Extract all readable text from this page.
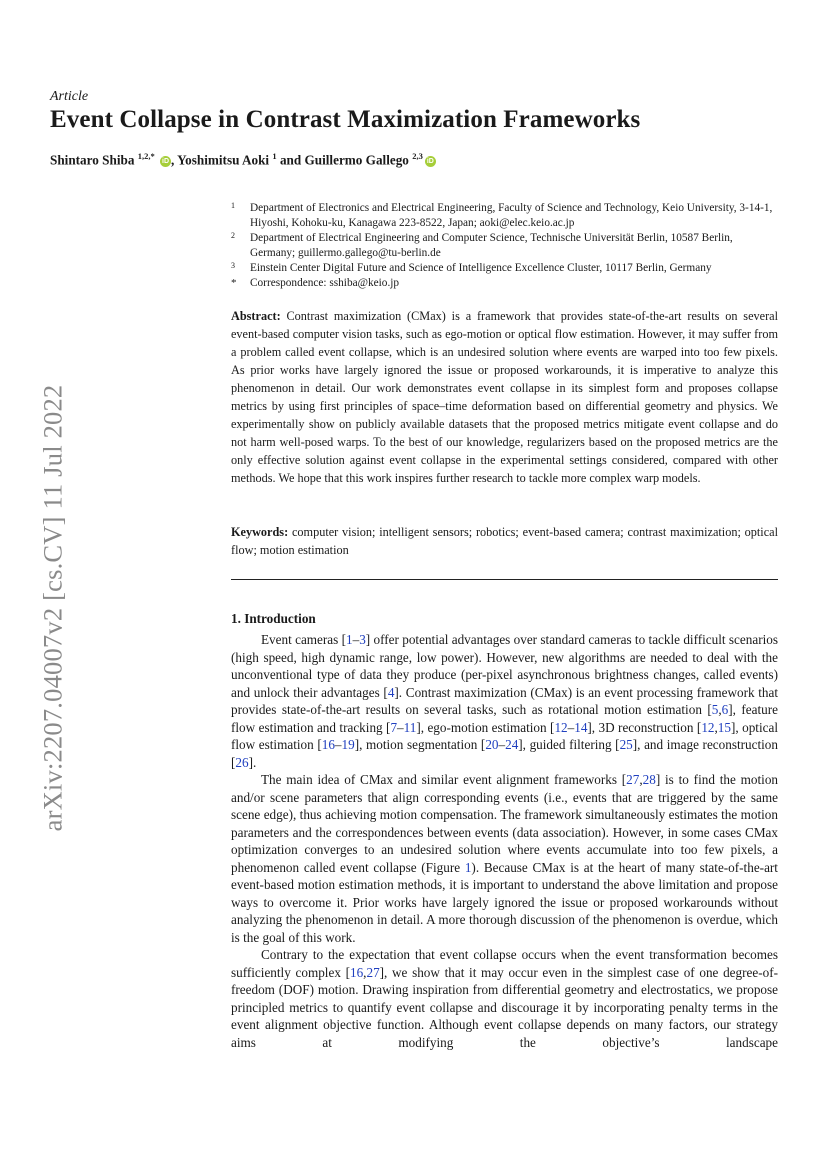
arXiv:2207.04007v2 [cs.CV] 11 Jul 2022
Article
Event Collapse in Contrast Maximization Frameworks
Shintaro Shiba $^{1,2,*}$ iD , Yoshimitsu Aoki $^1$ and Guillermo Gallego $^{2,3}$iD
1 Department of Electronics and Electrical Engineering, Faculty of Science and Technology, Keio University, 3-14-1, Hiyoshi, Kohoku-ku, Kanagawa 223-8522, Japan; aoki@elec.keio.ac.jp
2 Department of Electrical Engineering and Computer Science, Technische Universität Berlin, 10587 Berlin, Germany; guillermo.gallego@tu-berlin.de
3 Einstein Center Digital Future and Science of Intelligence Excellence Cluster, 10117 Berlin, Germany
* Correspondence: sshiba@keio.jp
Abstract: Contrast maximization (CMax) is a framework that provides state-of-the-art results on several event-based computer vision tasks, such as ego-motion or optical flow estimation. However, it may suffer from a problem called event collapse, which is an undesired solution where events are warped into too few pixels. As prior works have largely ignored the issue or proposed workarounds, it is imperative to analyze this phenomenon in detail. Our work demonstrates event collapse in its simplest form and proposes collapse metrics by using first principles of space–time deformation based on differential geometry and physics. We experimentally show on publicly available datasets that the proposed metrics mitigate event collapse and do not harm well-posed warps. To the best of our knowledge, regularizers based on the proposed metrics are the only effective solution against event collapse in the experimental settings considered, compared with other methods. We hope that this work inspires further research to tackle more complex warp models.
Keywords: computer vision; intelligent sensors; robotics; event-based camera; contrast maximization; optical flow; motion estimation
1. Introduction

Event cameras [1–3] offer potential advantages over standard cameras to tackle difficult scenarios (high speed, high dynamic range, low power). However, new algorithms are needed to deal with the unconventional type of data they produce (per-pixel asynchronous brightness changes, called events) and unlock their advantages [4]. Contrast maximization (CMax) is an event processing framework that provides state-of-the-art results on several tasks, such as rotational motion estimation [5,6], feature flow estimation and tracking [7–11], ego-motion estimation [12–14], 3D reconstruction [12,15], optical flow estimation [16–19], motion segmentation [20–24], guided filtering [25], and image reconstruction [26].

The main idea of CMax and similar event alignment frameworks [27,28] is to find the motion and/or scene parameters that align corresponding events (i.e., events that are triggered by the same scene edge), thus achieving motion compensation. The framework simultaneously estimates the motion parameters and the correspondences between events (data association). However, in some cases CMax optimization converges to an undesired solution where events accumulate into too few pixels, a phenomenon called event collapse (Figure 1). Because CMax is at the heart of many state-of-the-art event-based motion estimation methods, it is important to understand the above limitation and propose ways to overcome it. Prior works have largely ignored the issue or proposed workarounds without analyzing the phenomenon in detail. A more thorough discussion of the phenomenon is overdue, which is the goal of this work.

Contrary to the expectation that event collapse occurs when the event transformation becomes sufficiently complex [16,27], we show that it may occur even in the simplest case of one degree-of-freedom (DOF) motion. Drawing inspiration from differential geometry and electrostatics, we propose principled metrics to quantify event collapse and discourage it by incorporating penalty terms in the event alignment objective function. Although event collapse depends on many factors, our strategy aims at modifying the objective’s landscape
